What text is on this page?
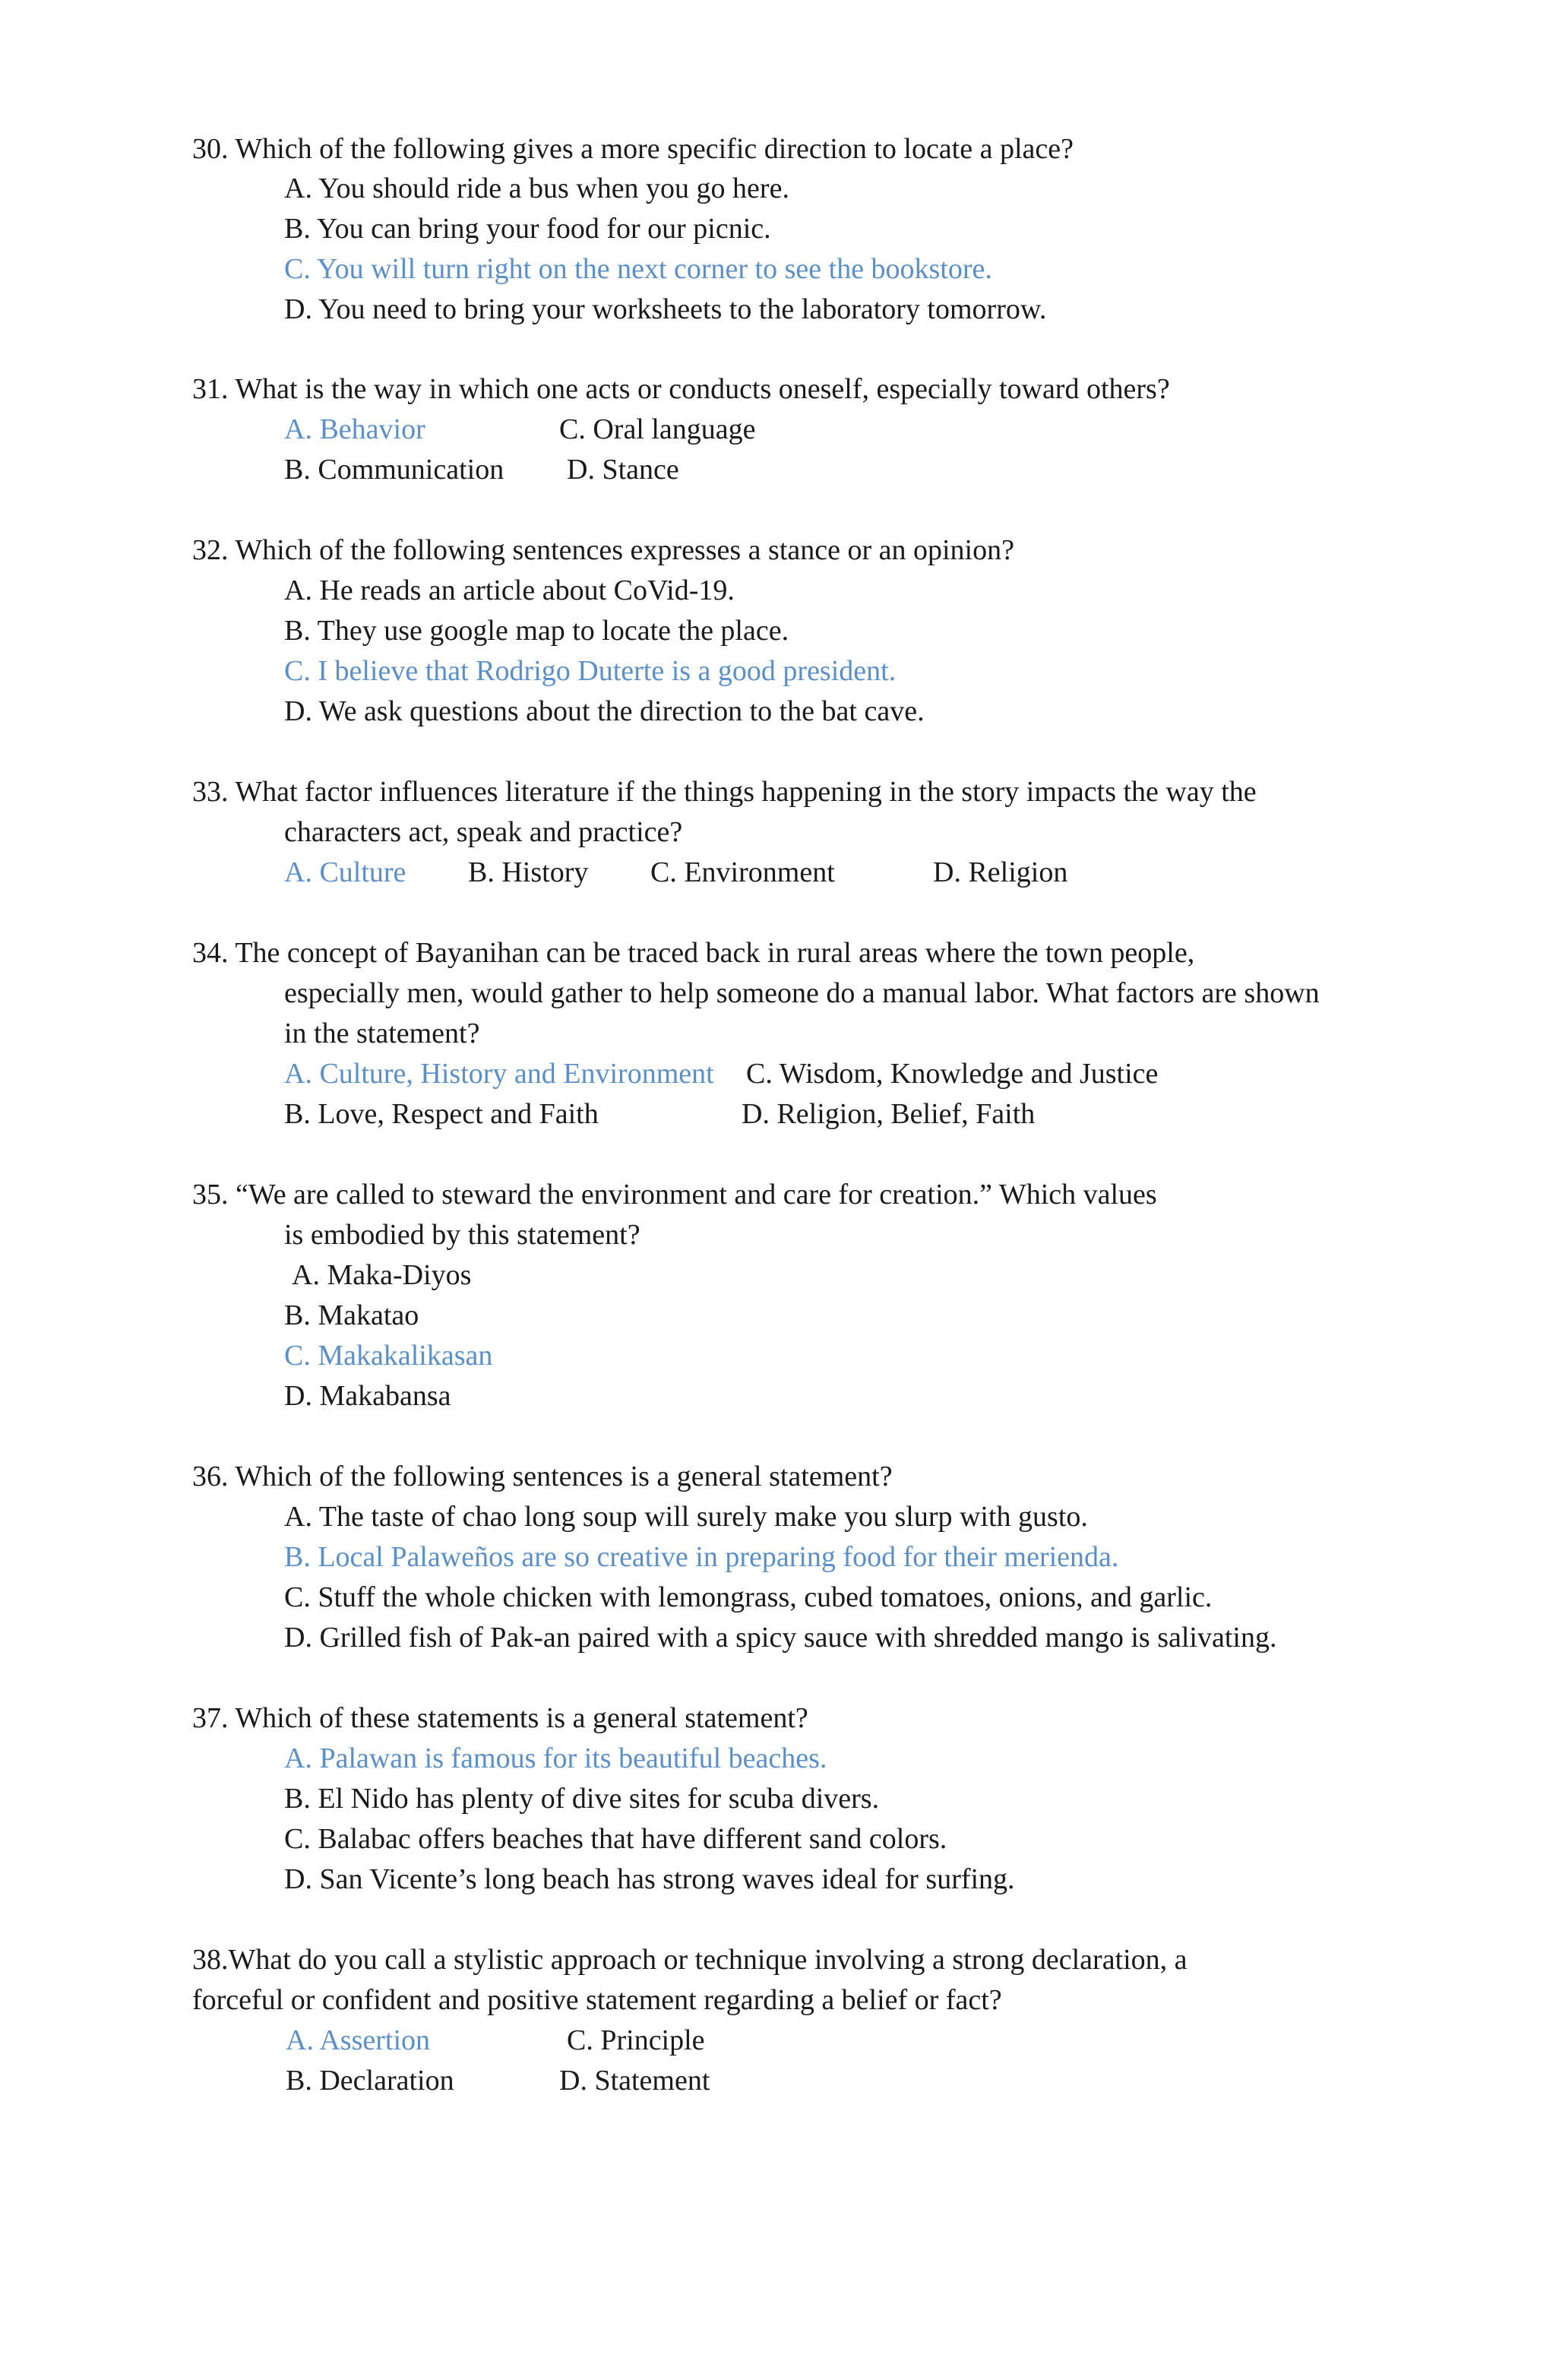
30. Which of the following gives a more specific direction to locate a place?
A. You should ride a bus when you go here.
B. You can bring your food for our picnic.
C. You will turn right on the next corner to see the bookstore.
D. You need to bring your worksheets to the laboratory tomorrow.
31. What is the way in which one acts or conducts oneself, especially toward others?
A. Behavior	C. Oral language
B. Communication D. Stance
32. Which of the following sentences expresses a stance or an opinion?
A. He reads an article about CoVid-19.
B. They use google map to locate the place.
C. I believe that Rodrigo Duterte is a good president.
D. We ask questions about the direction to the bat cave.
33. What factor influences literature if the things happening in the story impacts the way the
characters act, speak and practice?
A. Culture B. History C. Environment	D. Religion
34. The concept of Bayanihan can be traced back in rural areas where the town people,
especially men, would gather to help someone do a manual labor. What factors are shown
in the statement?
A. Culture, History and Environment C. Wisdom, Knowledge and Justice
B. Love, Respect and Faith	D. Religion, Belief, Faith
35. “We are called to steward the environment and care for creation.” Which values
is embodied by this statement?
A. Maka-Diyos
B. Makatao
C. Makakalikasan
D. Makabansa
36. Which of the following sentences is a general statement?
A. The taste of chao long soup will surely make you slurp with gusto.
B. Local Palaweños are so creative in preparing food for their merienda.
C. Stuff the whole chicken with lemongrass, cubed tomatoes, onions, and garlic.
D. Grilled fish of Pak-an paired with a spicy sauce with shredded mango is salivating.
37. Which of these statements is a general statement?
A. Palawan is famous for its beautiful beaches.
B. El Nido has plenty of dive sites for scuba divers.
C. Balabac offers beaches that have different sand colors.
D. San Vicente’s long beach has strong waves ideal for surfing.
38.What do you call a stylistic approach or technique involving a strong declaration, a
forceful or confident and positive statement regarding a belief or fact?
A. Assertion	C. Principle
B. Declaration	D. Statement
